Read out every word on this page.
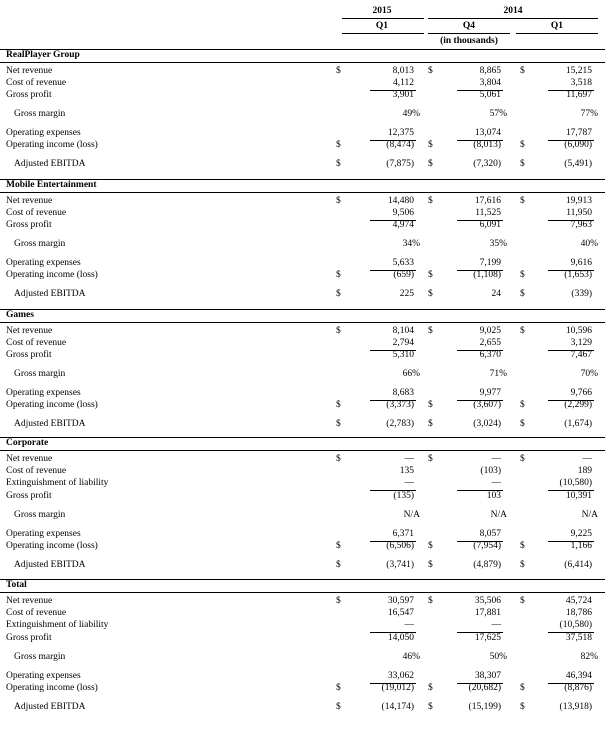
2015	2014
Q1	Q4	Q1
(in thousands)
RealPlayer Group
Net revenue	$	8,013 $	8,865 $	15,215
Cost of revenue	4,112	3,804	3,518
Gross profit	3,901	5,061	11,697
Gross margin	49%	57%	77%
Operating expenses	12,375	13,074	17,787
Operating income (loss)	$	(8,474) $	(8,013) $	(6,090)
Adjusted EBITDA	$	(7,875) $	(7,320) $	(5,491)
Mobile Entertainment
Net revenue	$	14,480 $	17,616 $	19,913
Cost of revenue	9,506	11,525	11,950
Gross profit	4,974	6,091	7,963
Gross margin	34%	35%	40%
Operating expenses	5,633	7,199	9,616
Operating income (loss)	$	(659) $	(1,108) $	(1,653)
Adjusted EBITDA	$	225 $	24 $	(339)
Games
Net revenue	$	8,104 $	9,025 $	10,596
Cost of revenue	2,794	2,655	3,129
Gross profit	5,310	6,370	7,467
Gross margin	66%	71%	70%
Operating expenses	8,683	9,977	9,766
Operating income (loss)	$	(3,373) $	(3,607) $	(2,299)
Adjusted EBITDA	$	(2,783) $	(3,024) $	(1,674)
Corporate
Net revenue	$	— $	— $	—
Cost of revenue	135	(103)	189
Extinguishment of liability	—	—	(10,580)
Gross profit	(135)	103	10,391
Gross margin	N/A	N/A	N/A
Operating expenses	6,371	8,057	9,225
Operating income (loss)	$	(6,506) $	(7,954) $	1,166
Adjusted EBITDA	$	(3,741) $	(4,879) $	(6,414)
Total
Net revenue	$	30,597 $	35,506 $	45,724
Cost of revenue	16,547	17,881	18,786
Extinguishment of liability	—	—	(10,580)
Gross profit	14,050	17,625	37,518
Gross margin	46%	50%	82%
Operating expenses	33,062	38,307	46,394
Operating income (loss)	$	(19,012) $	(20,682) $	(8,876)
Adjusted EBITDA	$	(14,174) $	(15,199) $	(13,918)
